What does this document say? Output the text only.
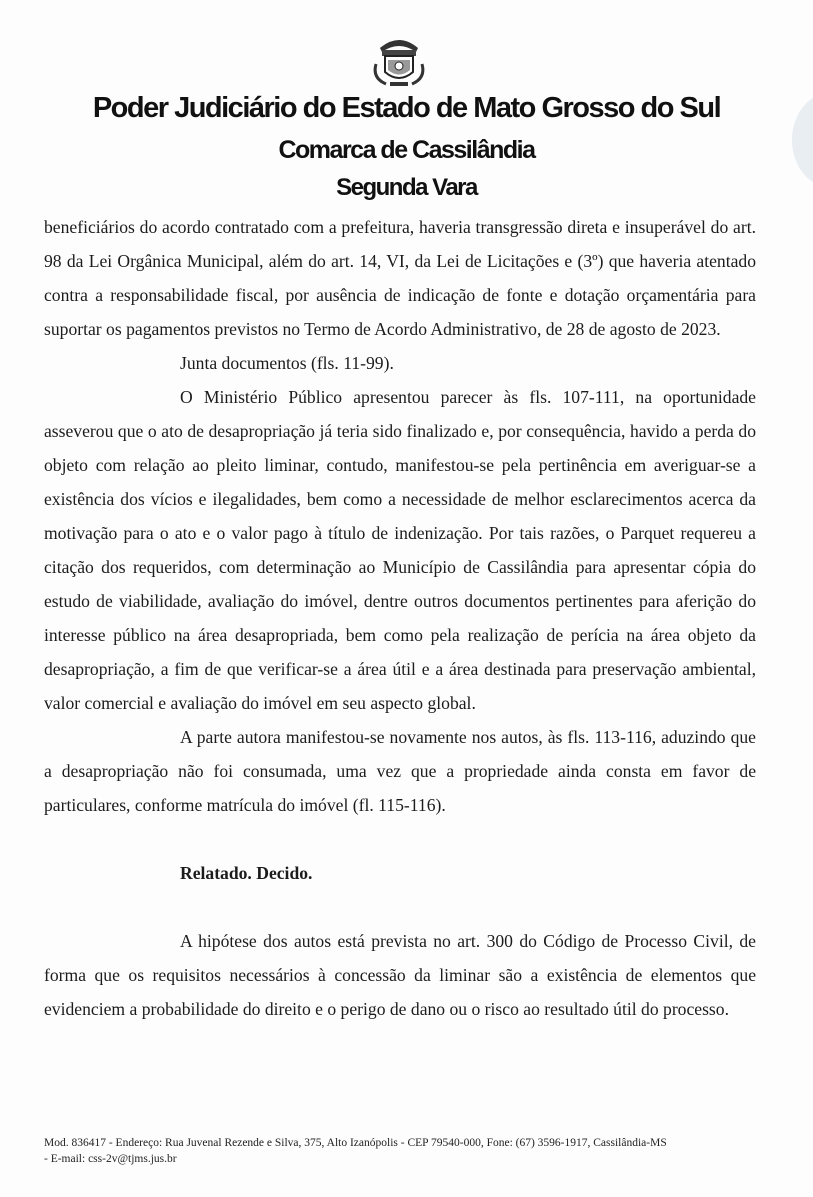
Poder Judiciário do Estado de Mato Grosso do Sul
Comarca de Cassilândia
Segunda Vara

beneficiários do acordo contratado com a prefeitura, haveria transgressão direta e insuperável do art. 98 da Lei Orgânica Municipal, além do art. 14, VI, da Lei de Licitações e (3º) que haveria atentado contra a responsabilidade fiscal, por ausência de indicação de fonte e dotação orçamentária para suportar os pagamentos previstos no Termo de Acordo Administrativo, de 28 de agosto de 2023.

Junta documentos (fls. 11-99).

O Ministério Público apresentou parecer às fls. 107-111, na oportunidade asseverou que o ato de desapropriação já teria sido finalizado e, por consequência, havido a perda do objeto com relação ao pleito liminar, contudo, manifestou-se pela pertinência em averiguar-se a existência dos vícios e ilegalidades, bem como a necessidade de melhor esclarecimentos acerca da motivação para o ato e o valor pago à título de indenização. Por tais razões, o Parquet requereu a citação dos requeridos, com determinação ao Município de Cassilândia para apresentar cópia do estudo de viabilidade, avaliação do imóvel, dentre outros documentos pertinentes para aferição do interesse público na área desapropriada, bem como pela realização de perícia na área objeto da desapropriação, a fim de que verificar-se a área útil e a área destinada para preservação ambiental, valor comercial e avaliação do imóvel em seu aspecto global.

A parte autora manifestou-se novamente nos autos, às fls. 113-116, aduzindo que a desapropriação não foi consumada, uma vez que a propriedade ainda consta em favor de particulares, conforme matrícula do imóvel (fl. 115-116).

Relatado. Decido.

A hipótese dos autos está prevista no art. 300 do Código de Processo Civil, de forma que os requisitos necessários à concessão da liminar são a existência de elementos que evidenciem a probabilidade do direito e o perigo de dano ou o risco ao resultado útil do processo.

Mod. 836417 - Endereço: Rua Juvenal Rezende e Silva, 375, Alto Izanópolis - CEP 79540-000, Fone: (67) 3596-1917, Cassilândia-MS
- E-mail: css-2v@tjms.jus.br
